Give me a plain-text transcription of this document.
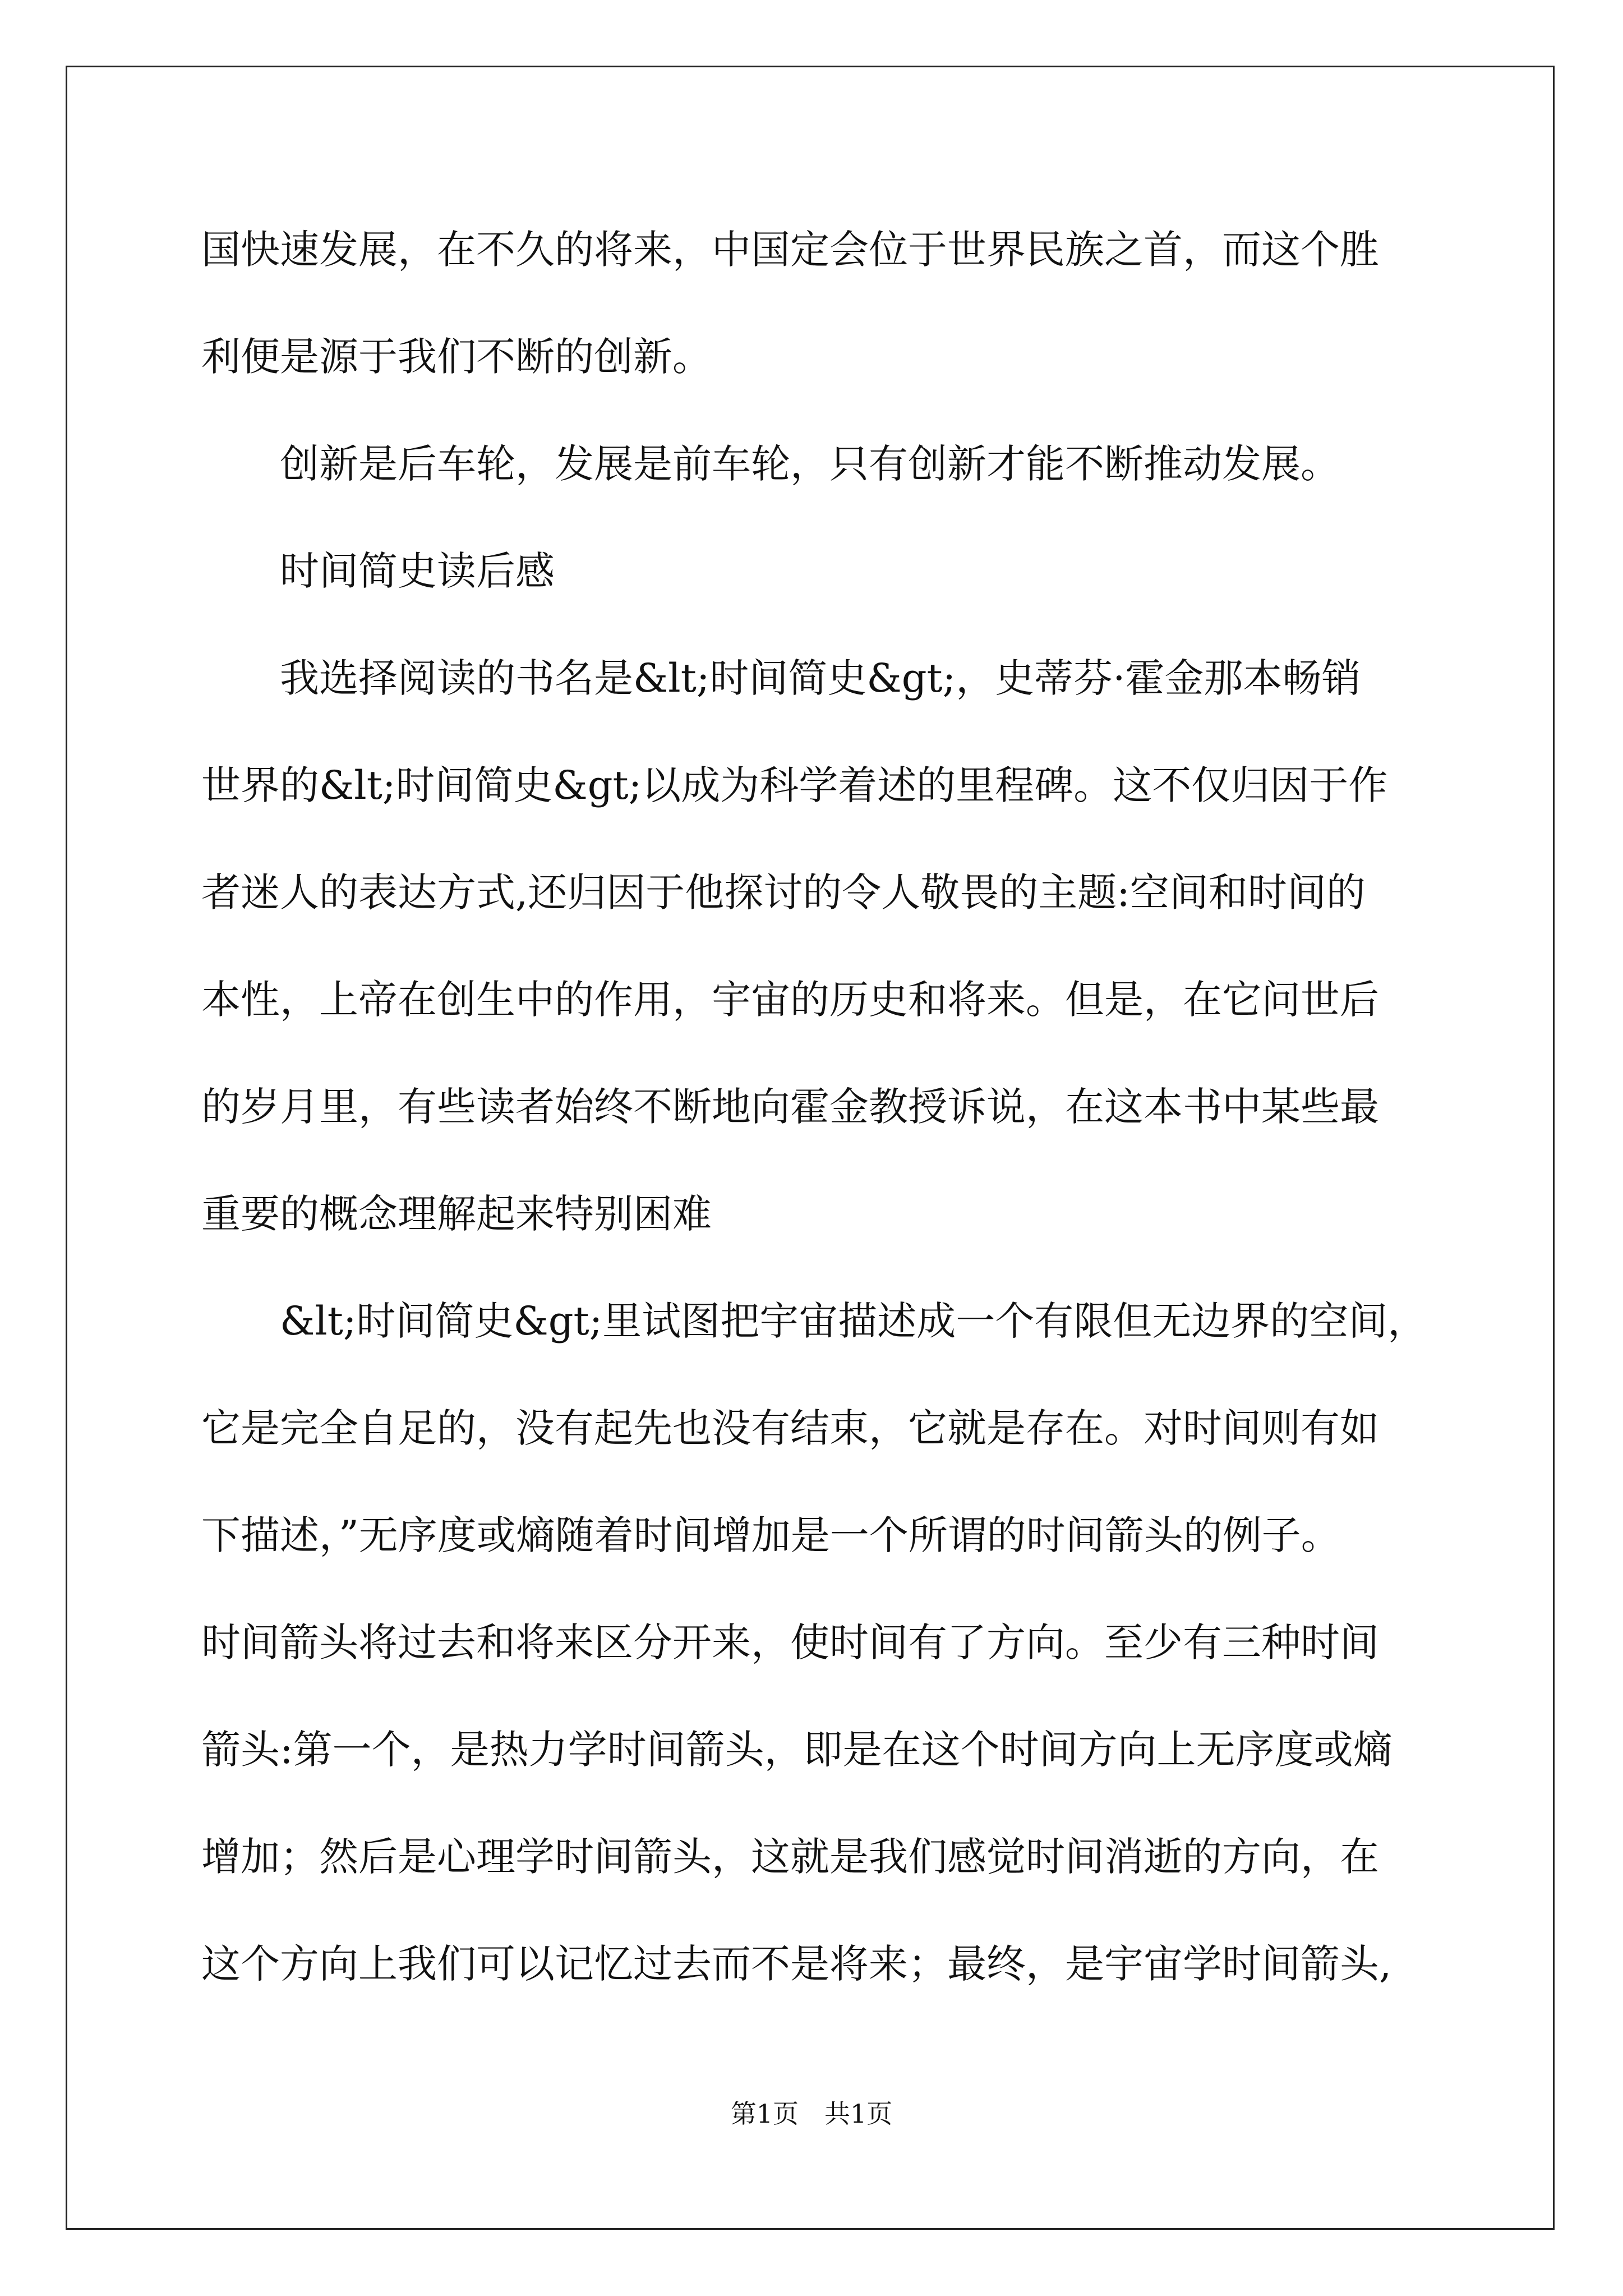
国快速发展，在不久的将来，中国定会位于世界民族之首，而这个胜
利便是源于我们不断的创新。
创新是后车轮，发展是前车轮，只有创新才能不断推动发展。
时间简史读后感
我选择阅读的书名是&lt;时间简史&gt;，史蒂芬·霍金那本畅销
世界的&lt;时间简史&gt;以成为科学着述的里程碑。这不仅归因于作
者迷人的表达方式,还归因于他探讨的令人敬畏的主题:空间和时间的
本性，上帝在创生中的作用，宇宙的历史和将来。但是，在它问世后
的岁月里，有些读者始终不断地向霍金教授诉说，在这本书中某些最
重要的概念理解起来特别困难
&lt;时间简史&gt;里试图把宇宙描述成一个有限但无边界的空间，
它是完全自足的，没有起先也没有结束，它就是存在。对时间则有如
下描述，”无序度或熵随着时间增加是一个所谓的时间箭头的例子。
时间箭头将过去和将来区分开来，使时间有了方向。至少有三种时间
箭头:第一个，是热力学时间箭头，即是在这个时间方向上无序度或熵
增加；然后是心理学时间箭头，这就是我们感觉时间消逝的方向，在
这个方向上我们可以记忆过去而不是将来；最终，是宇宙学时间箭头,
第1页　共1页
